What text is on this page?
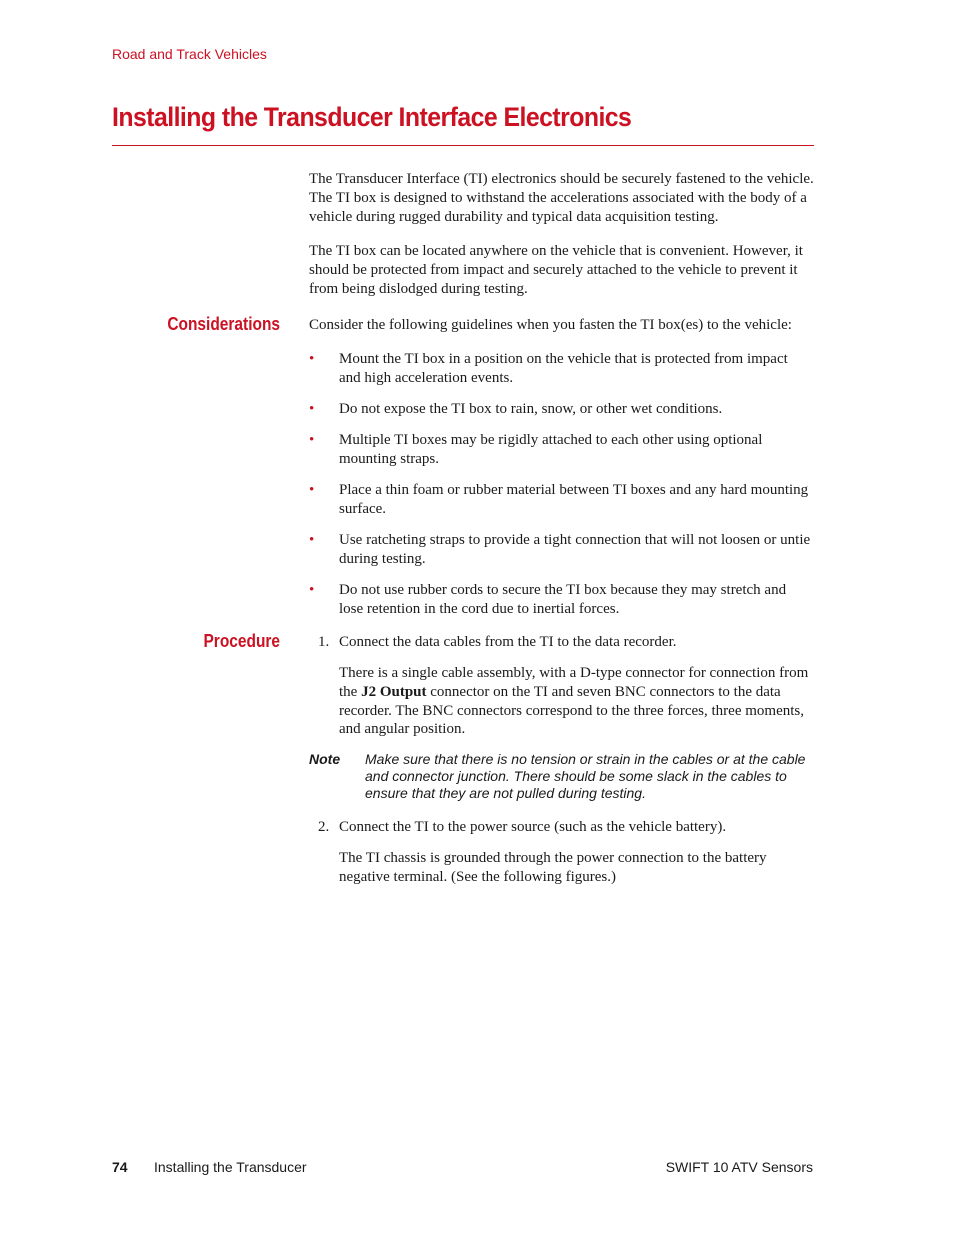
Road and Track Vehicles
Installing the Transducer Interface Electronics

The Transducer Interface (TI) electronics should be securely fastened to the vehicle. The TI box is designed to withstand the accelerations associated with the body of a vehicle during rugged durability and typical data acquisition testing.

The TI box can be located anywhere on the vehicle that is convenient. However, it should be protected from impact and securely attached to the vehicle to prevent it from being dislodged during testing.

Considerations Consider the following guidelines when you fasten the TI box(es) to the vehicle:

• Mount the TI box in a position on the vehicle that is protected from impact and high acceleration events.
• Do not expose the TI box to rain, snow, or other wet conditions.
• Multiple TI boxes may be rigidly attached to each other using optional mounting straps.
• Place a thin foam or rubber material between TI boxes and any hard mounting surface.
• Use ratcheting straps to provide a tight connection that will not loosen or untie during testing.
• Do not use rubber cords to secure the TI box because they may stretch and lose retention in the cord due to inertial forces.
Procedure	1. Connect the data cables from the TI to the data recorder.

There is a single cable assembly, with a D-type connector for connection from the J2 Output connector on the TI and seven BNC connectors to the data recorder. The BNC connectors correspond to the three forces, three moments, and angular position.

Note Make sure that there is no tension or strain in the cables or at the cable and connector junction. There should be some slack in the cables to ensure that they are not pulled during testing.

2. Connect the TI to the power source (such as the vehicle battery).

The TI chassis is grounded through the power connection to the battery negative terminal. (See the following figures.)

74 Installing the Transducer	SWIFT 10 ATV Sensors
